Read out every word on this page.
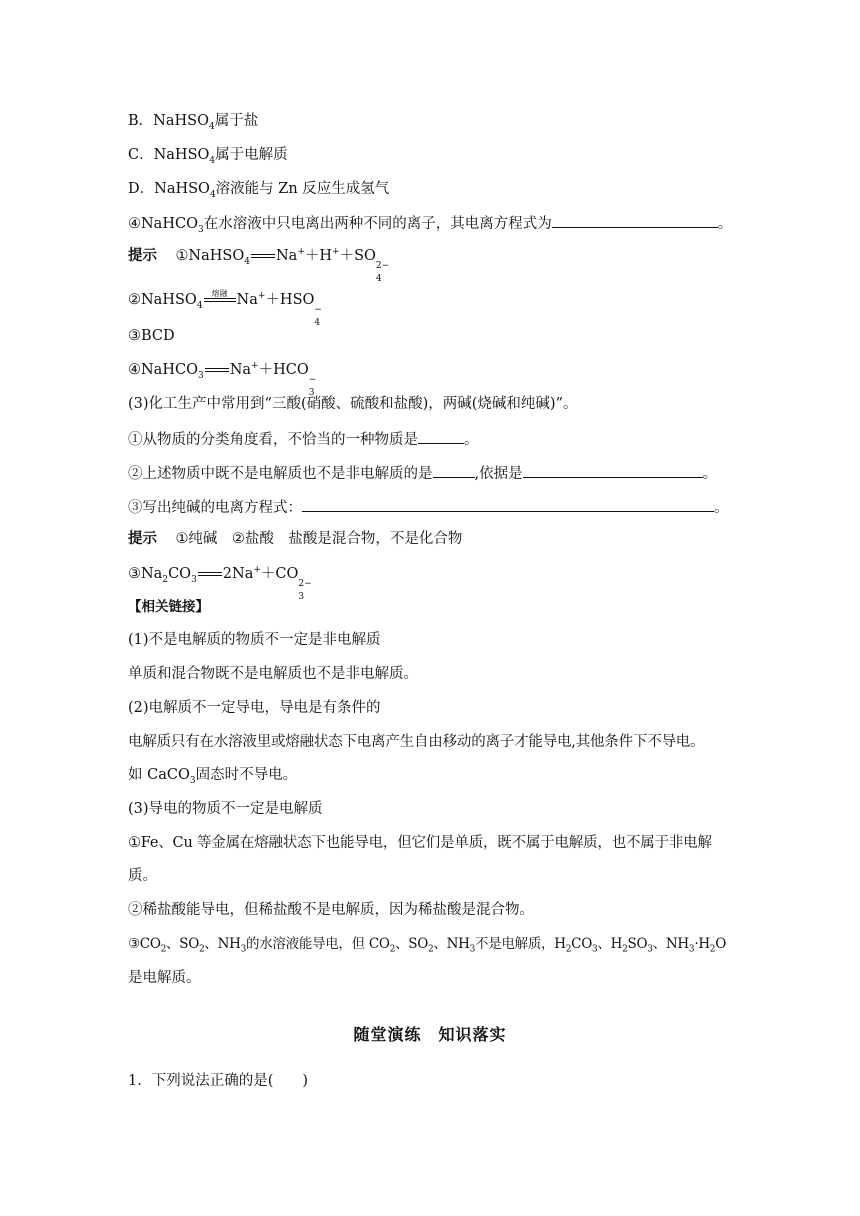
B．NaHSO$_4$属于盐
C．NaHSO$_4$属于电解质
D．NaHSO$_4$溶液能与 Zn 反应生成氢气
④NaHCO$_3$在水溶液中只电离出两种不同的离子，其电离方程式为	。
提示 ①NaHSO$_4$ Na+＋H+＋SO
2−
4
②NaHSO$_4$
熔融 Na+＋HSO
−
4
③BCD
④NaHCO$_3$ Na+＋HCO
−
3
(3)化工生产中常用到“三酸(硝酸、硫酸和盐酸)，两碱(烧碱和纯碱)”。
①从物质的分类角度看，不恰当的一种物质是	。
②上述物质中既不是电解质也不是非电解质的是	,依据是	。
③写出纯碱的电离方程式：	。
提示 ①纯碱　②盐酸　盐酸是混合物，不是化合物
$③Na_2CO_3$ 2Na+＋CO
2−
3
【相关链接】
(1)不是电解质的物质不一定是非电解质
单质和混合物既不是电解质也不是非电解质。
(2)电解质不一定导电，导电是有条件的
电解质只有在水溶液里或熔融状态下电离产生自由移动的离子才能导电,其他条件下不导电。
如 CaCO$_3$固态时不导电。
(3)导电的物质不一定是电解质
①Fe、Cu 等金属在熔融状态下也能导电，但它们是单质，既不属于电解质，也不属于非电解
质。
②稀盐酸能导电，但稀盐酸不是电解质，因为稀盐酸是混合物。
$③CO_2$、$SO_2$、$NH_3$的水溶液能导电，但 $CO_2$、$SO_2$、$NH_3$不是电解质，$H_2CO_3$、$H_2SO_3$、$NH_3\cdot H_2O$
是电解质。
随堂演练　知识落实
1．下列说法正确的是(　　)
